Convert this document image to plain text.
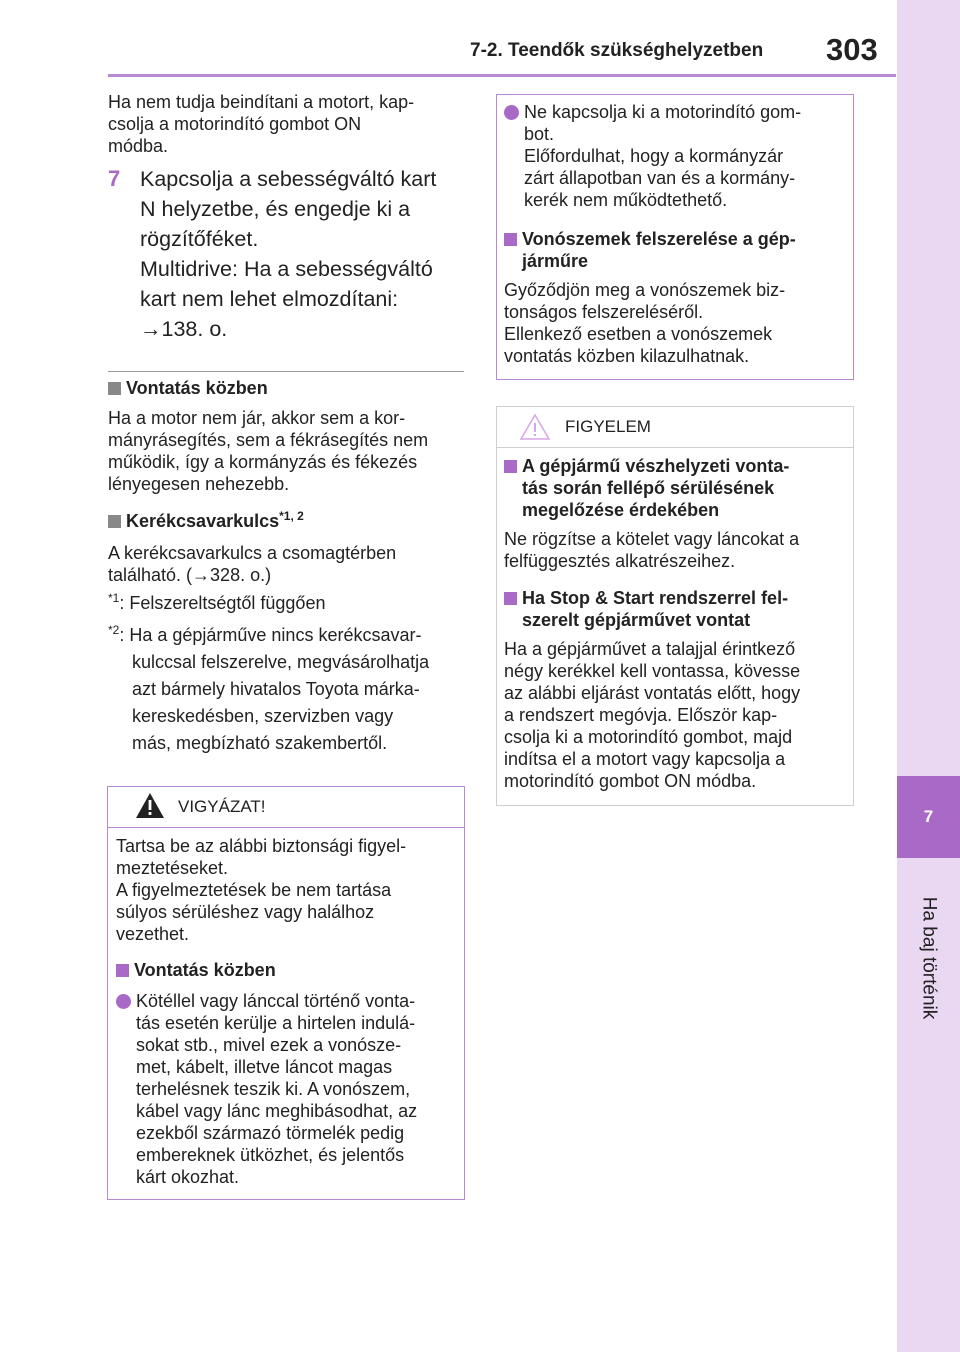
7
Ha baj történik
7-2. Teendők szükséghelyzetben 303
Ha nem tudja beindítani a motort, kap-
csolja a motorindító gombot ON
módba.
7 Kapcsolja a sebességváltó kart
N helyzetbe, és engedje ki a
rögzítőféket.
Multidrive: Ha a sebességváltó
kart nem lehet elmozdítani:
→138. o.
Vontatás közben
Ha a motor nem jár, akkor sem a kor-
mányrásegítés, sem a fékrásegítés nem
működik, így a kormányzás és fékezés
lényegesen nehezebb.
Kerékcsavarkulcs$^{*1, 2}$
A kerékcsavarkulcs a csomagtérben
található. (→328. o.)
$^{*1}$: Felszereltségtől függően
$^{*2}$: Ha a gépjárműve nincs kerékcsavar-
kulccsal felszerelve, megvásárolhatja
azt bármely hivatalos Toyota márka-
kereskedésben, szervizben vagy
más, megbízható szakembertől.
VIGYÁZAT!
Tartsa be az alábbi biztonsági figyel-
meztetéseket.
A figyelmeztetések be nem tartása
súlyos sérüléshez vagy halálhoz
vezethet.
Vontatás közben
Kötéllel vagy lánccal történő vonta-
tás esetén kerülje a hirtelen indulá-
sokat stb., mivel ezek a vonósze-
met, kábelt, illetve láncot magas
terhelésnek teszik ki. A vonószem,
kábel vagy lánc meghibásodhat, az
ezekből származó törmelék pedig
embereknek ütközhet, és jelentős
kárt okozhat.
Ne kapcsolja ki a motorindító gom-
bot.
Előfordulhat, hogy a kormányzár
zárt állapotban van és a kormány-
kerék nem működtethető.
Vonószemek felszerelése a gép-
járműre
Győződjön meg a vonószemek biz-
tonságos felszereléséről.
Ellenkező esetben a vonószemek
vontatás közben kilazulhatnak.
FIGYELEM
A gépjármű vészhelyzeti vonta-
tás során fellépő sérülésének
megelőzése érdekében
Ne rögzítse a kötelet vagy láncokat a
felfüggesztés alkatrészeihez.
Ha Stop & Start rendszerrel fel-
szerelt gépjárművet vontat
Ha a gépjárművet a talajjal érintkező
négy kerékkel kell vontassa, kövesse
az alábbi eljárást vontatás előtt, hogy
a rendszert megóvja. Először kap-
csolja ki a motorindító gombot, majd
indítsa el a motort vagy kapcsolja a
motorindító gombot ON módba.
